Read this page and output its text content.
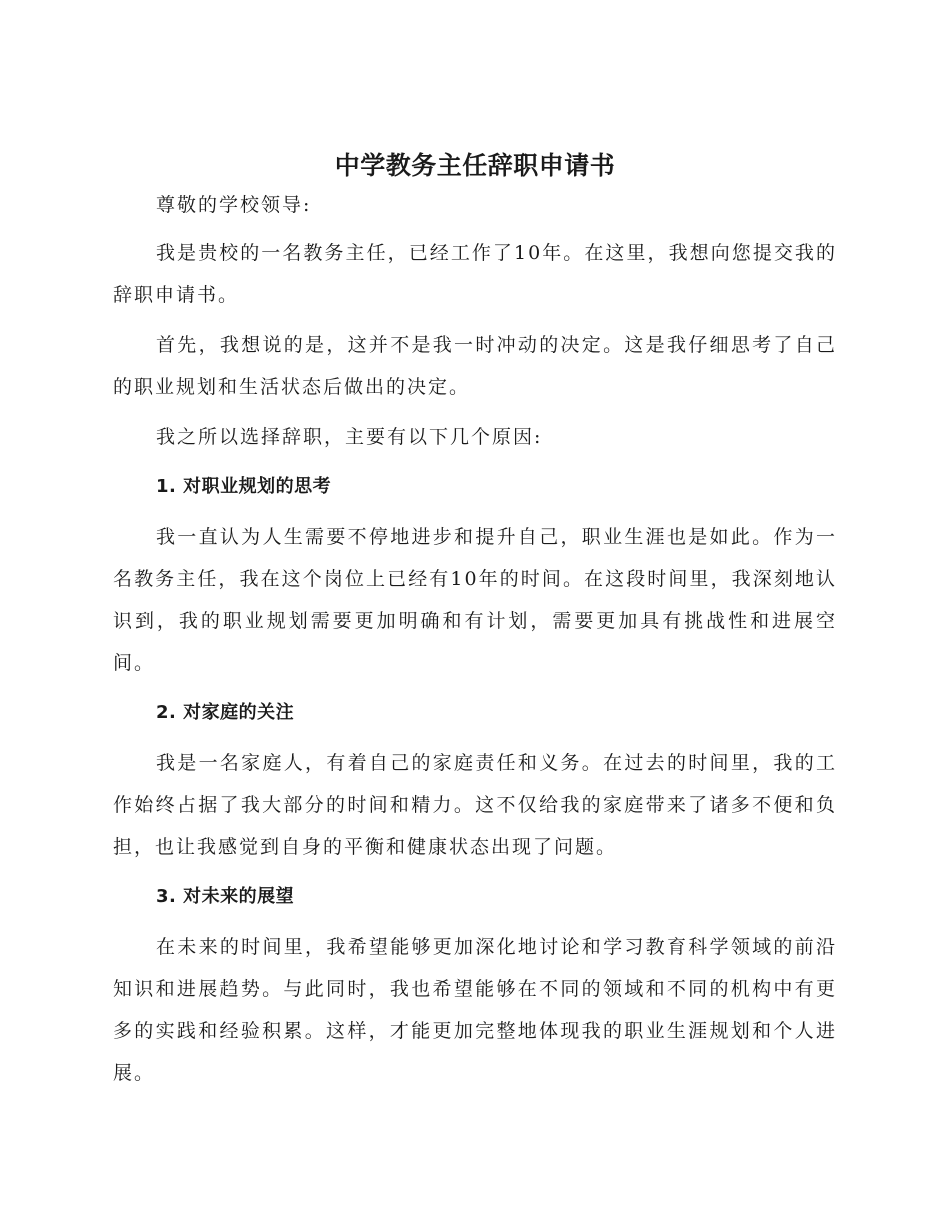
中学教务主任辞职申请书

尊敬的学校领导:

我是贵校的一名教务主任，已经工作了10年。在这里，我想向您提交我的辞职申请书。

首先，我想说的是，这并不是我一时冲动的决定。这是我仔细思考了自己的职业规划和生活状态后做出的决定。

我之所以选择辞职，主要有以下几个原因:

1. 对职业规划的思考

我一直认为人生需要不停地进步和提升自己，职业生涯也是如此。作为一名教务主任，我在这个岗位上已经有10年的时间。在这段时间里，我深刻地认识到，我的职业规划需要更加明确和有计划，需要更加具有挑战性和进展空间。

2. 对家庭的关注

我是一名家庭人，有着自己的家庭责任和义务。在过去的时间里，我的工作始终占据了我大部分的时间和精力。这不仅给我的家庭带来了诸多不便和负担，也让我感觉到自身的平衡和健康状态出现了问题。

3. 对未来的展望

在未来的时间里，我希望能够更加深化地讨论和学习教育科学领域的前沿知识和进展趋势。与此同时，我也希望能够在不同的领域和不同的机构中有更多的实践和经验积累。这样，才能更加完整地体现我的职业生涯规划和个人进展。
